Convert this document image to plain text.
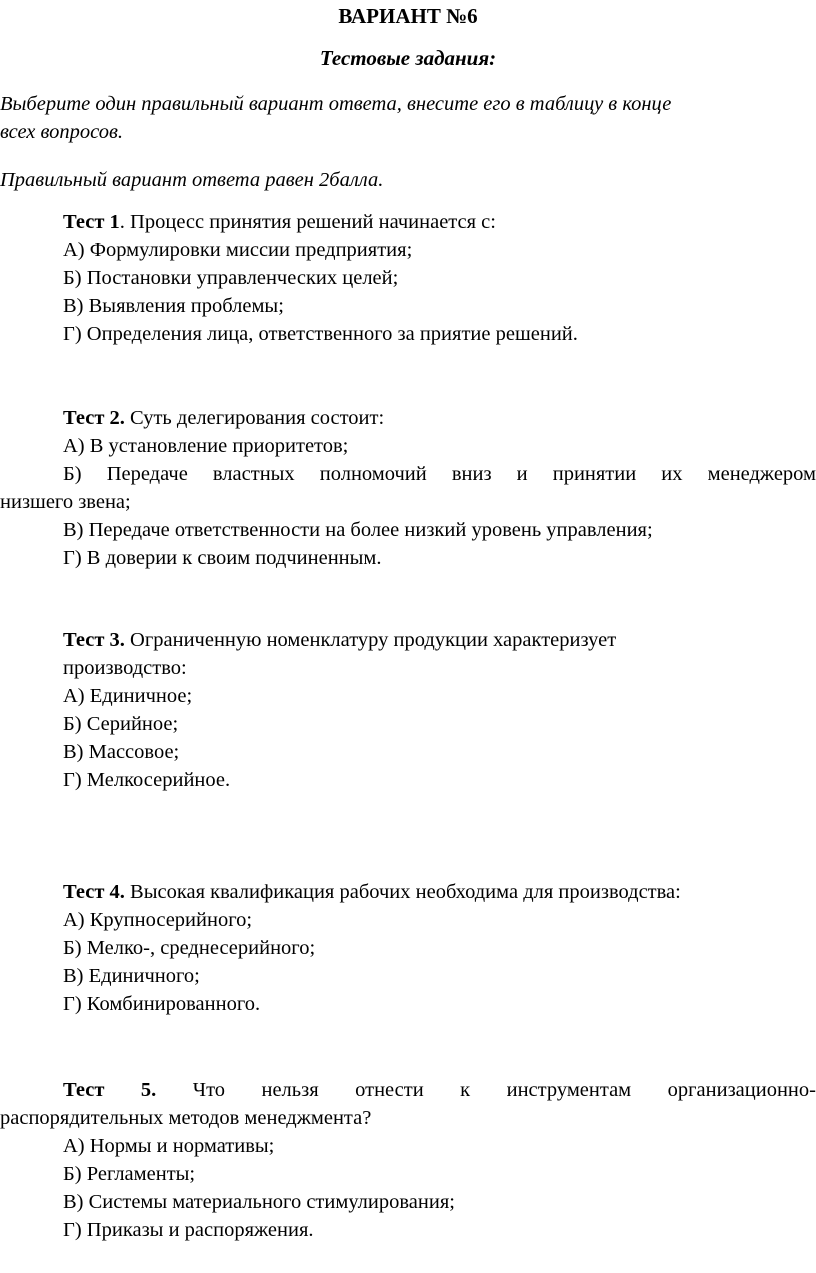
ВАРИАНТ №6
Тестовые задания:
Выберите один правильный вариант ответа, внесите его в таблицу в конце
всех вопросов.
Правильный вариант ответа равен 2балла.
Тест 1. Процесс принятия решений начинается с:
А) Формулировки миссии предприятия;
Б) Постановки управленческих целей;
В) Выявления проблемы;
Г) Определения лица, ответственного за приятие решений.
Тест 2. Суть делегирования состоит:
А) В установление приоритетов;
Б) Передаче властных полномочий вниз и принятии их менеджером
низшего звена;
В) Передаче ответственности на более низкий уровень управления;
Г) В доверии к своим подчиненным.
Тест 3. Ограниченную номенклатуру продукции характеризует
производство:
А) Единичное;
Б) Серийное;
В) Массовое;
Г) Мелкосерийное.
Тест 4. Высокая квалификация рабочих необходима для производства:
А) Крупносерийного;
Б) Мелко-, среднесерийного;
В) Единичного;
Г) Комбинированного.
Тест 5. Что нельзя отнести к инструментам организационно-
распорядительных методов менеджмента?
А) Нормы и нормативы;
Б) Регламенты;
В) Системы материального стимулирования;
Г) Приказы и распоряжения.
